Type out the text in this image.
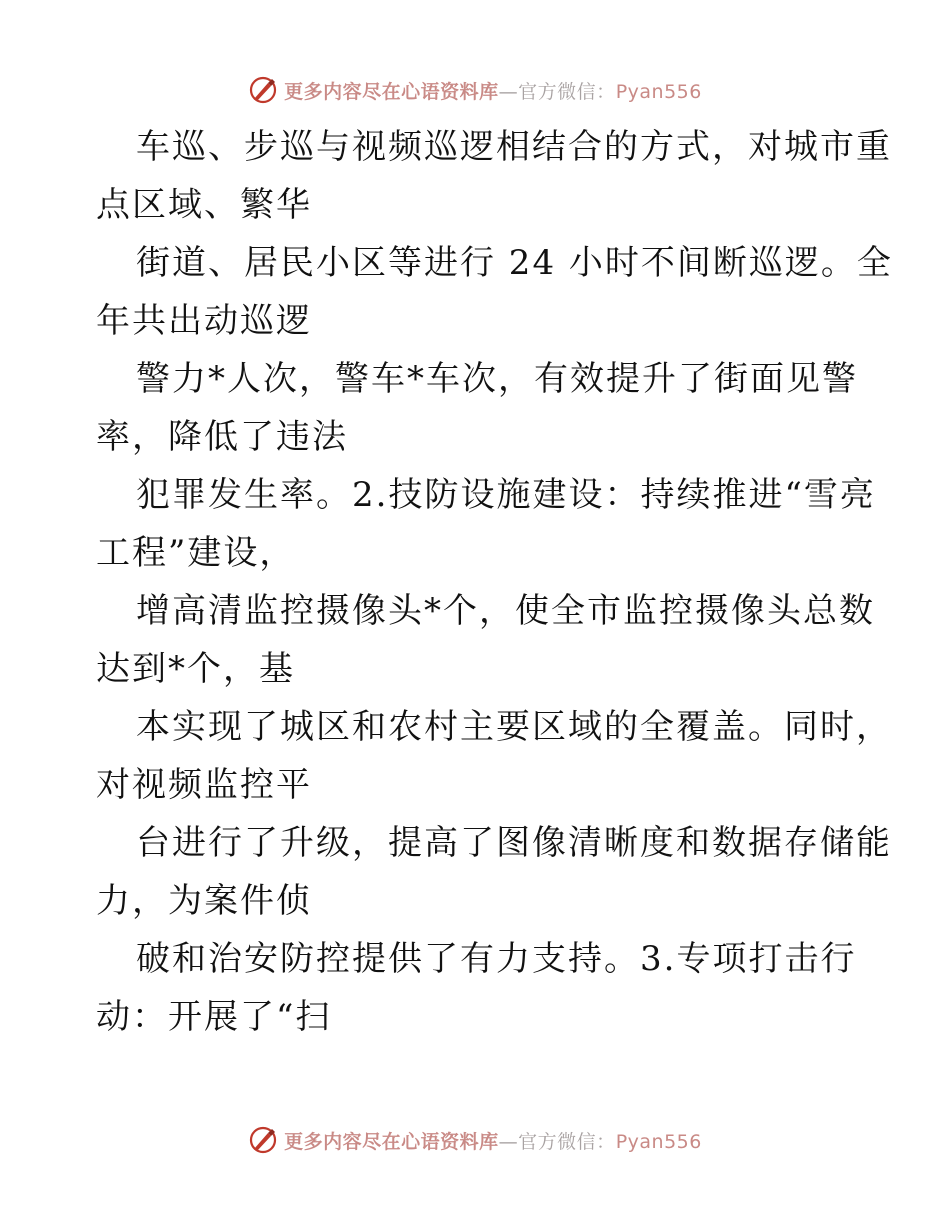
更多内容尽在心语资料库—官方微信：Pyan556
车巡、步巡与视频巡逻相结合的方式，对城市重
点区域、繁华
街道、居民小区等进行 24 小时不间断巡逻。全
年共出动巡逻
警力*人次，警车*车次，有效提升了街面见警
率，降低了违法
犯罪发生率。2.技防设施建设：持续推进“雪亮
工程”建设，
增高清监控摄像头*个，使全市监控摄像头总数
达到*个，基
本实现了城区和农村主要区域的全覆盖。同时，
对视频监控平
台进行了升级，提高了图像清晰度和数据存储能
力，为案件侦
破和治安防控提供了有力支持。3.专项打击行
动：开展了“扫
更多内容尽在心语资料库—官方微信：Pyan556
